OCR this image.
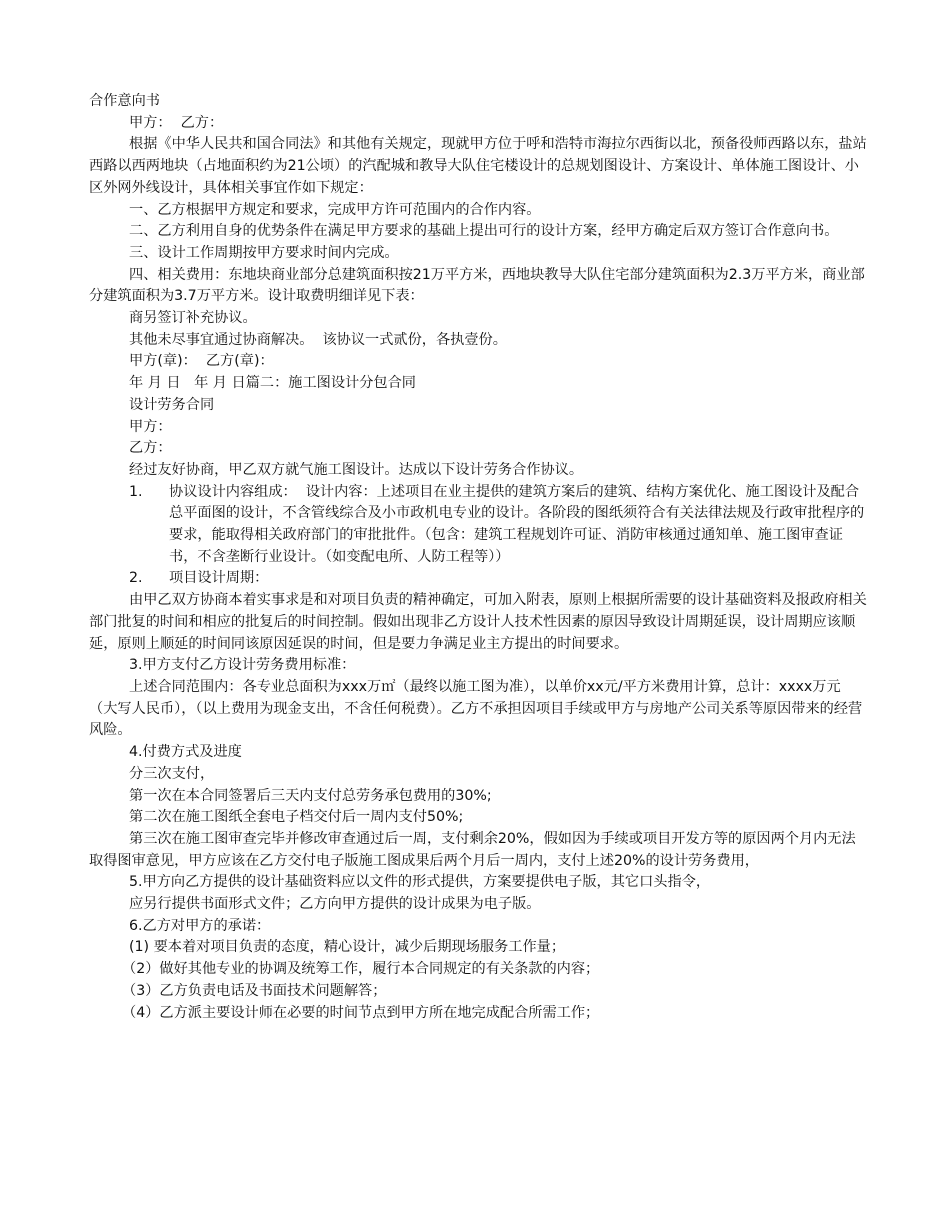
合作意向书

甲方：  乙方：

根据《中华人民共和国合同法》和其他有关规定，现就甲方位于呼和浩特市海拉尔西街以北，预备役师西路以东，盐站西路以西两地块（占地面积约为21公顷）的汽配城和教导大队住宅楼设计的总规划图设计、方案设计、单体施工图设计、小区外网外线设计，具体相关事宜作如下规定：

一、乙方根据甲方规定和要求，完成甲方许可范围内的合作内容。

二、乙方利用自身的优势条件在满足甲方要求的基础上提出可行的设计方案，经甲方确定后双方签订合作意向书。

三、设计工作周期按甲方要求时间内完成。

四、相关费用：东地块商业部分总建筑面积按21万平方米，西地块教导大队住宅部分建筑面积为2.3万平方米，商业部分建筑面积为3.7万平方米。设计取费明细详见下表：

商另签订补充协议。

其他未尽事宜通过协商解决。  该协议一式贰份，各执壹份。

甲方(章)：  乙方(章)：

年 月 日   年 月 日篇二：施工图设计分包合同

设计劳务合同

甲方：

乙方：

经过友好协商，甲乙双方就气施工图设计。达成以下设计劳务合作协议。

1.	协议设计内容组成：  设计内容：上述项目在业主提供的建筑方案后的建筑、结构方案优化、施工图设计及配合总平面图的设计，不含管线综合及小市政机电专业的设计。各阶段的图纸须符合有关法律法规及行政审批程序的要求，能取得相关政府部门的审批批件。（包含：建筑工程规划许可证、消防审核通过通知单、施工图审查证书，不含垄断行业设计。（如变配电所、人防工程等））
2.	项目设计周期：

由甲乙双方协商本着实事求是和对项目负责的精神确定，可加入附表，原则上根据所需要的设计基础资料及报政府相关部门批复的时间和相应的批复后的时间控制。假如出现非乙方设计人技术性因素的原因导致设计周期延误，设计周期应该顺延，原则上顺延的时间同该原因延误的时间，但是要力争满足业主方提出的时间要求。

3.甲方支付乙方设计劳务费用标准：

上述合同范围内：各专业总面积为xxx万㎡（最终以施工图为准），以单价xx元/平方米费用计算，总计：xxxx万元（大写人民币），（以上费用为现金支出，不含任何税费）。乙方不承担因项目手续或甲方与房地产公司关系等原因带来的经营风险。

4.付费方式及进度

分三次支付，

第一次在本合同签署后三天内支付总劳务承包费用的30%;

第二次在施工图纸全套电子档交付后一周内支付50%;

第三次在施工图审查完毕并修改审查通过后一周，支付剩余20%，假如因为手续或项目开发方等的原因两个月内无法取得图审意见，甲方应该在乙方交付电子版施工图成果后两个月后一周内，支付上述20%的设计劳务费用，

5.甲方向乙方提供的设计基础资料应以文件的形式提供，方案要提供电子版，其它口头指令，

应另行提供书面形式文件；乙方向甲方提供的设计成果为电子版。

6.乙方对甲方的承诺：

(1) 要本着对项目负责的态度，精心设计，减少后期现场服务工作量；

（2）做好其他专业的协调及统筹工作，履行本合同规定的有关条款的内容；

（3）乙方负责电话及书面技术问题解答；

（4）乙方派主要设计师在必要的时间节点到甲方所在地完成配合所需工作；
